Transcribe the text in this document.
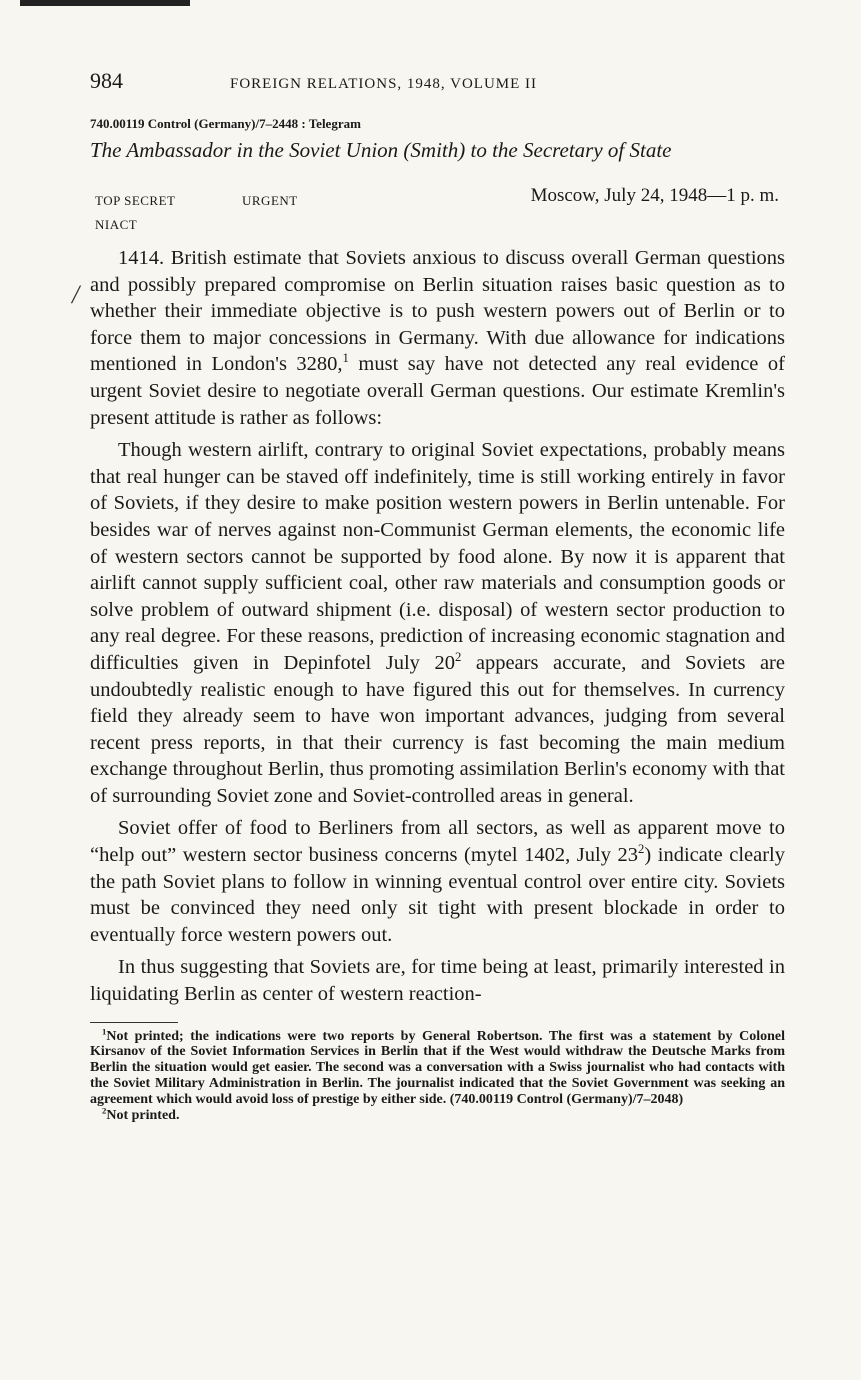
/
984	FOREIGN RELATIONS, 1948, VOLUME II
740.00119 Control (Germany)/7–2448 : Telegram
The Ambassador in the Soviet Union (Smith) to the Secretary of State
TOP SECRET	URGENT	Moscow, July 24, 1948—1 p. m.
NIACT

1414. British estimate that Soviets anxious to discuss overall German questions and possibly prepared compromise on Berlin situation raises basic question as to whether their immediate objective is to push western powers out of Berlin or to force them to major concessions in Germany. With due allowance for indications mentioned in London's 3280,$^1$ must say have not detected any real evidence of urgent Soviet desire to negotiate overall German questions. Our estimate Kremlin's present attitude is rather as follows:

Though western airlift, contrary to original Soviet expectations, probably means that real hunger can be staved off indefinitely, time is still working entirely in favor of Soviets, if they desire to make position western powers in Berlin untenable. For besides war of nerves against non-Communist German elements, the economic life of western sectors cannot be supported by food alone. By now it is apparent that airlift cannot supply sufficient coal, other raw materials and consumption goods or solve problem of outward shipment (i.e. disposal) of western sector production to any real degree. For these reasons, prediction of increasing economic stagnation and difficulties given in Depinfotel July $20^2$ appears accurate, and Soviets are undoubtedly realistic enough to have figured this out for themselves. In currency field they already seem to have won important advances, judging from several recent press reports, in that their currency is fast becoming the main medium exchange throughout Berlin, thus promoting assimilation Berlin's economy with that of surrounding Soviet zone and Soviet-controlled areas in general.

Soviet offer of food to Berliners from all sectors, as well as apparent move to “help out” western sector business concerns (mytel 1402, July $23^2$) indicate clearly the path Soviet plans to follow in winning eventual control over entire city. Soviets must be convinced they need only sit tight with present blockade in order to eventually force western powers out.

In thus suggesting that Soviets are, for time being at least, primarily interested in liquidating Berlin as center of western reaction-

$^1$Not printed; the indications were two reports by General Robertson. The first was a statement by Colonel Kirsanov of the Soviet Information Services in Berlin that if the West would withdraw the Deutsche Marks from Berlin the situation would get easier. The second was a conversation with a Swiss journalist who had contacts with the Soviet Military Administration in Berlin. The journalist indicated that the Soviet Government was seeking an agreement which would avoid loss of prestige by either side. (740.00119 Control (Germany)/7–2048)

$^2$Not printed.
